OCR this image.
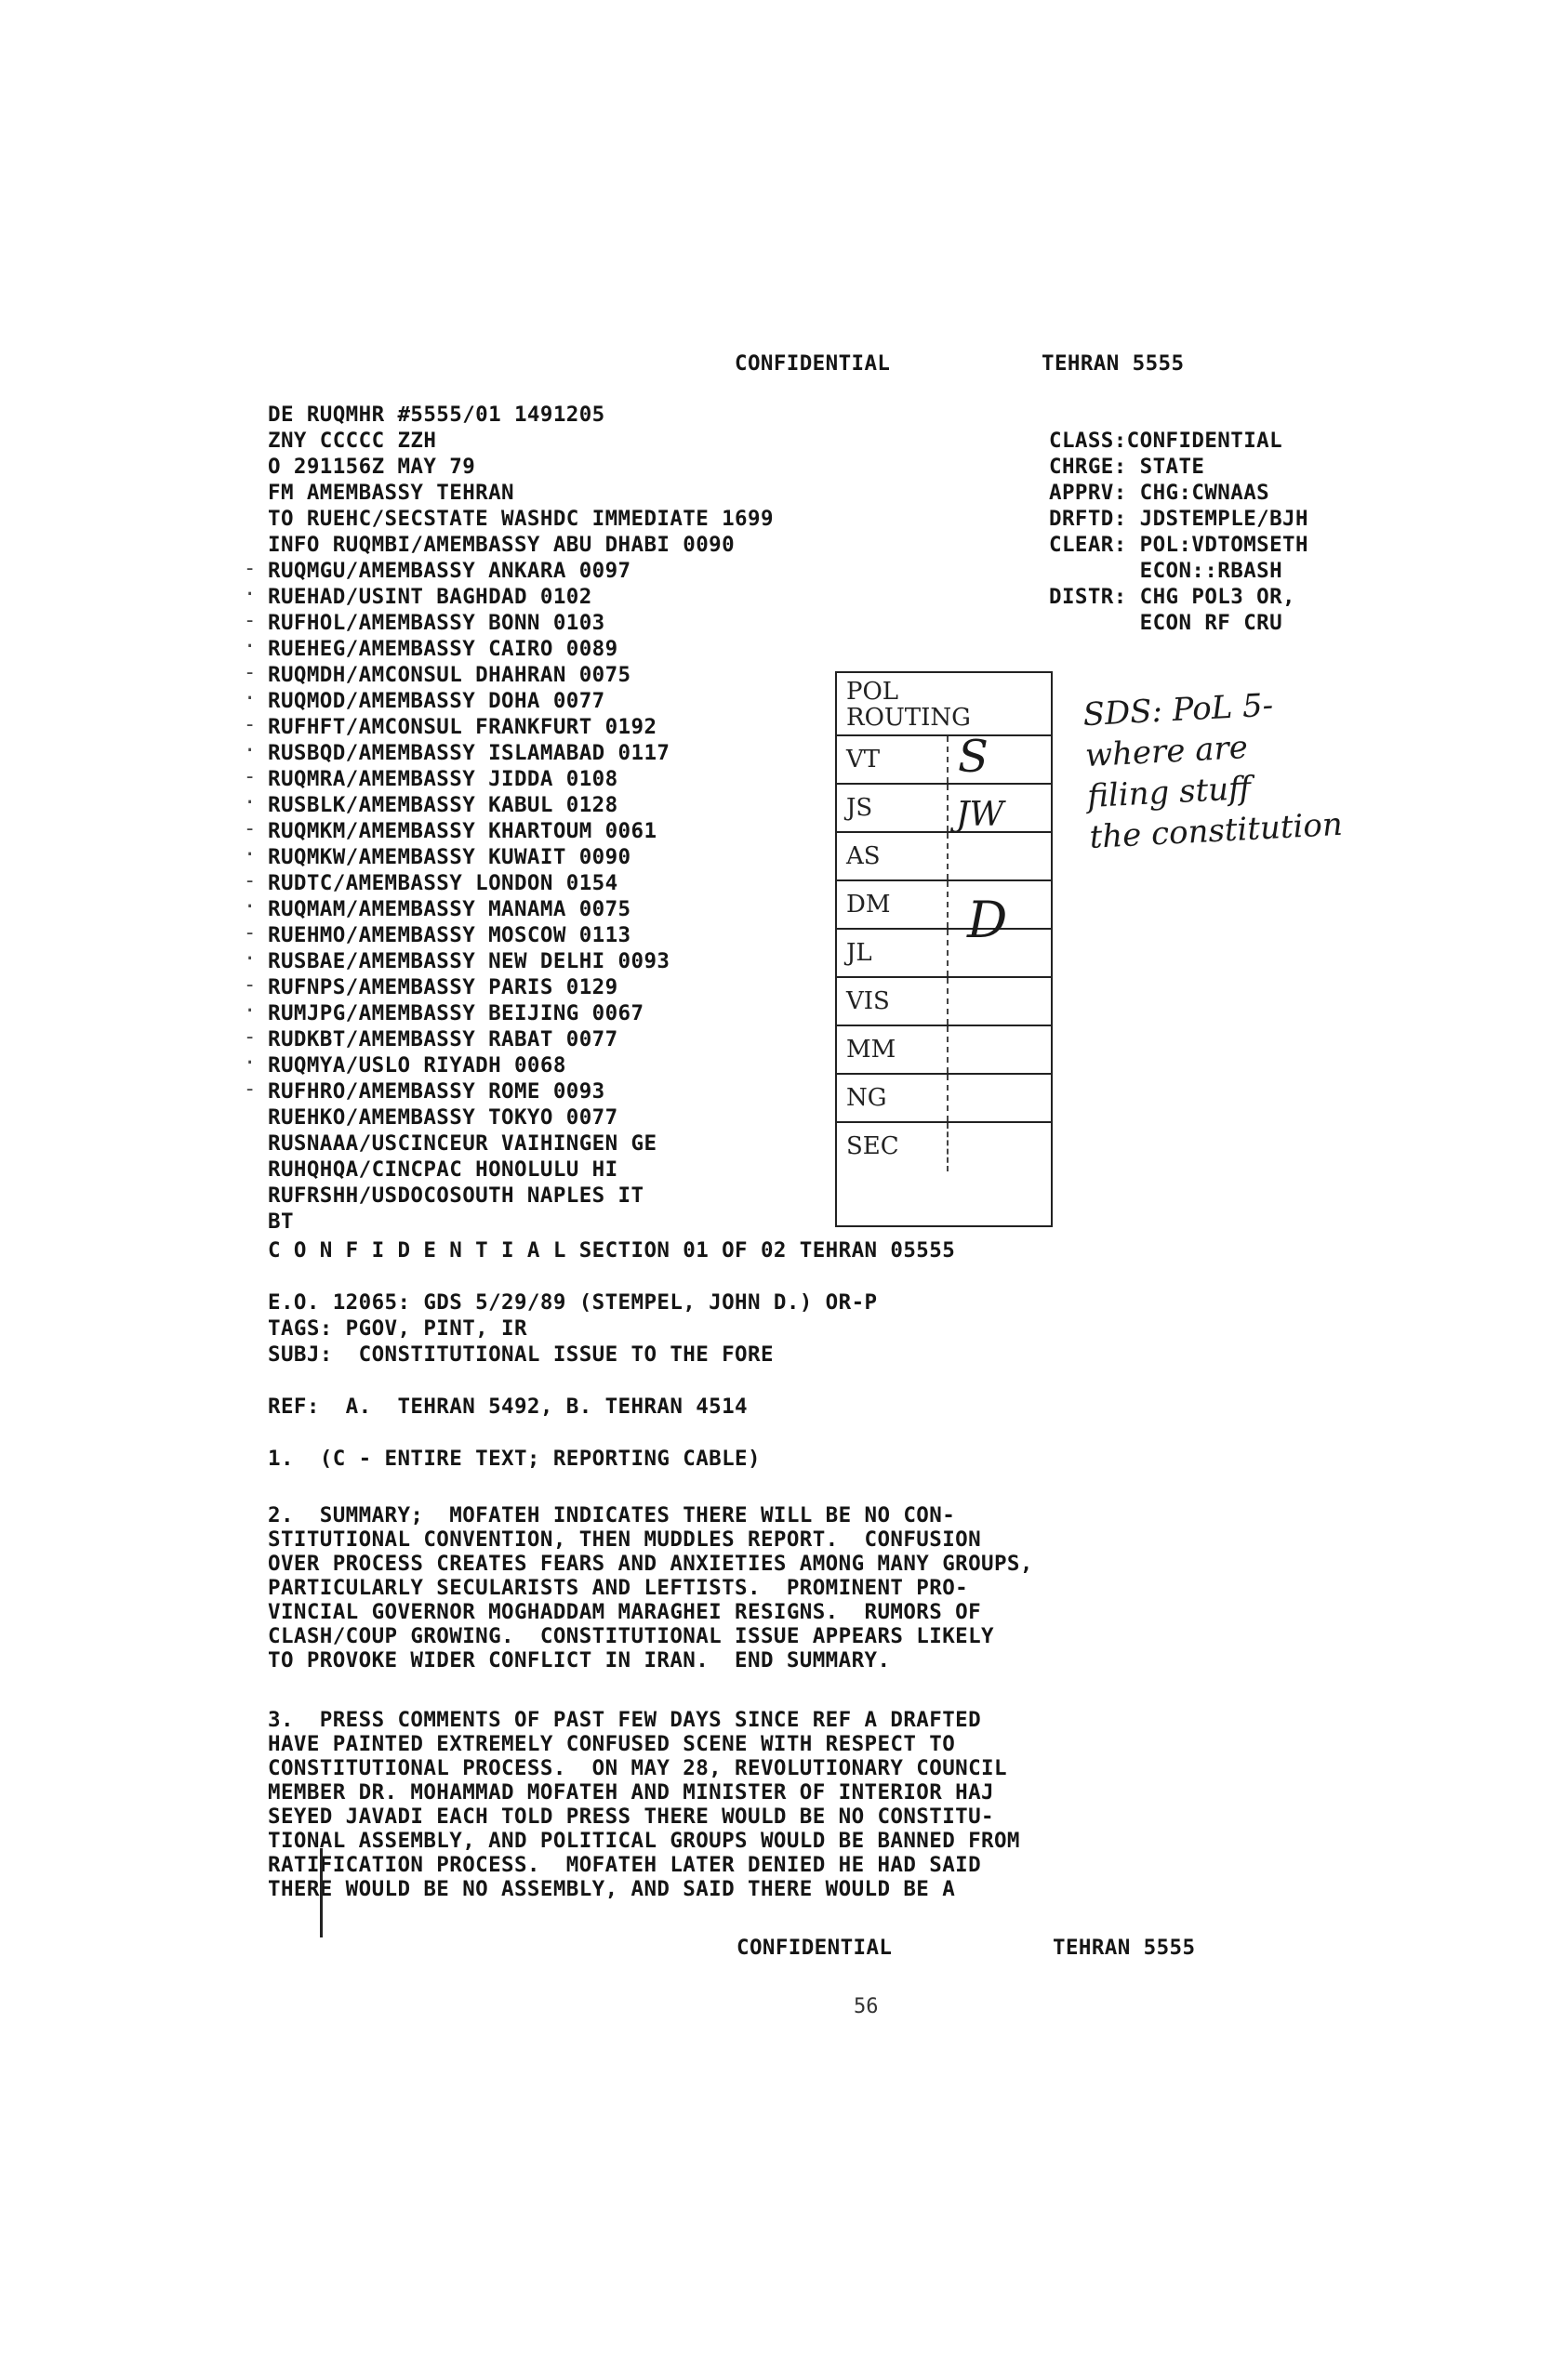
CONFIDENTIAL	TEHRAN 5555

DE RUQMHR #5555/01 1491205

ZNY CCCCC ZZH

O 291156Z MAY 79

FM AMEMBASSY TEHRAN

TO RUEHC/SECSTATE WASHDC IMMEDIATE 1699

INFO RUQMBI/AMEMBASSY ABU DHABI 0090

RUQMGU/AMEMBASSY ANKARA 0097

RUEHAD/USINT BAGHDAD 0102

RUFHOL/AMEMBASSY BONN 0103

RUEHEG/AMEMBASSY CAIRO 0089

RUQMDH/AMCONSUL DHAHRAN 0075

RUQMOD/AMEMBASSY DOHA 0077

RUFHFT/AMCONSUL FRANKFURT 0192

RUSBQD/AMEMBASSY ISLAMABAD 0117

RUQMRA/AMEMBASSY JIDDA 0108

RUSBLK/AMEMBASSY KABUL 0128

RUQMKM/AMEMBASSY KHARTOUM 0061

RUQMKW/AMEMBASSY KUWAIT 0090

RUDTC/AMEMBASSY LONDON 0154

RUQMAM/AMEMBASSY MANAMA 0075

RUEHMO/AMEMBASSY MOSCOW 0113

RUSBAE/AMEMBASSY NEW DELHI 0093

RUFNPS/AMEMBASSY PARIS 0129

RUMJPG/AMEMBASSY BEIJING 0067

RUDKBT/AMEMBASSY RABAT 0077

RUQMYA/USLO RIYADH 0068

RUFHRO/AMEMBASSY ROME 0093

RUEHKO/AMEMBASSY TOKYO 0077

RUSNAAA/USCINCEUR VAIHINGEN GE

RUHQHQA/CINCPAC HONOLULU HI

RUFRSHH/USDOCOSOUTH NAPLES IT

BT

-
·
-
·
-
·
-
·
-
·
-
·
-
·
-
·
-
·
-
·
-

CLASS:CONFIDENTIAL

CHRGE: STATE

APPRV: CHG:CWNAAS

DRFTD: JDSTEMPLE/BJH

CLEAR: POL:VDTOMSETH

ECON::RBASH

DISTR: CHG POL3 OR,

ECON RF CRU

POL
ROUTING
VT
JS
AS
DM
JL
VIS
MM
NG
SEC
S
JW
D
SDS: PoL 5-
where are
filing stuff
the constitution
C O N F I D E N T I A L SECTION 01 OF 02 TEHRAN 05555
E.O. 12065: GDS 5/29/89 (STEMPEL, JOHN D.) OR-P
TAGS: PGOV, PINT, IR
SUBJ:  CONSTITUTIONAL ISSUE TO THE FORE
REF:  A.  TEHRAN 5492, B. TEHRAN 4514
1.  (C - ENTIRE TEXT; REPORTING CABLE)

2.  SUMMARY;  MOFATEH INDICATES THERE WILL BE NO CON-

STITUTIONAL CONVENTION, THEN MUDDLES REPORT.  CONFUSION

OVER PROCESS CREATES FEARS AND ANXIETIES AMONG MANY GROUPS,

PARTICULARLY SECULARISTS AND LEFTISTS.  PROMINENT PRO-

VINCIAL GOVERNOR MOGHADDAM MARAGHEI RESIGNS.  RUMORS OF

CLASH/COUP GROWING.  CONSTITUTIONAL ISSUE APPEARS LIKELY

TO PROVOKE WIDER CONFLICT IN IRAN.  END SUMMARY.

3.  PRESS COMMENTS OF PAST FEW DAYS SINCE REF A DRAFTED

HAVE PAINTED EXTREMELY CONFUSED SCENE WITH RESPECT TO

CONSTITUTIONAL PROCESS.  ON MAY 28, REVOLUTIONARY COUNCIL

MEMBER DR. MOHAMMAD MOFATEH AND MINISTER OF INTERIOR HAJ

SEYED JAVADI EACH TOLD PRESS THERE WOULD BE NO CONSTITU-

TIONAL ASSEMBLY, AND POLITICAL GROUPS WOULD BE BANNED FROM

RATIFICATION PROCESS.  MOFATEH LATER DENIED HE HAD SAID

THERE WOULD BE NO ASSEMBLY, AND SAID THERE WOULD BE A

CONFIDENTIAL	TEHRAN 5555
56
